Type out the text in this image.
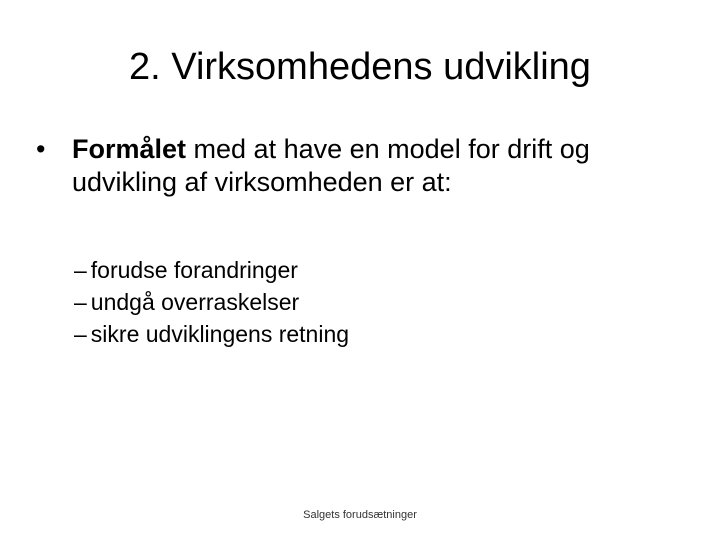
2. Virksomhedens udvikling
• Formålet med at have en model for drift og udvikling af virksomheden er at:
– forudse forandringer
– undgå overraskelser
– sikre udviklingens retning
Salgets forudsætninger
